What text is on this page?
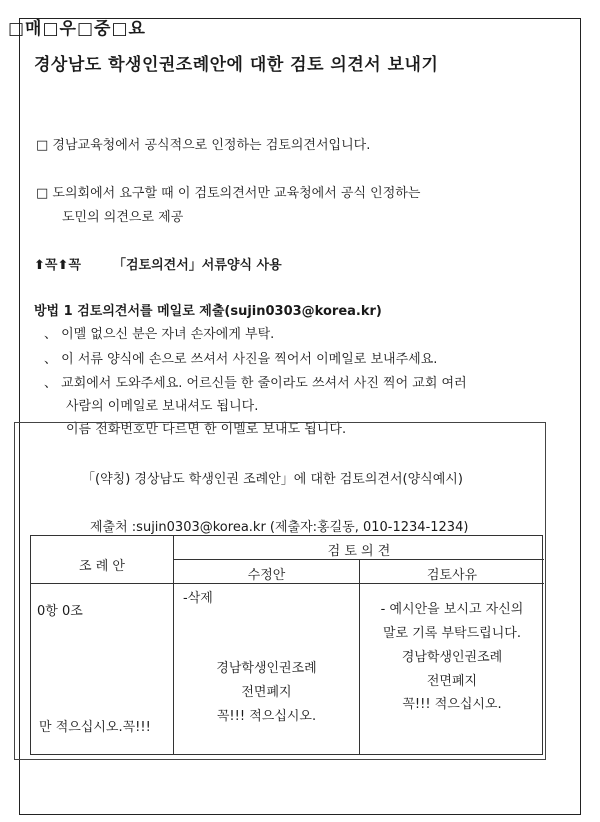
□매□우□중□요
경상남도 학생인권조례안에 대한 검토 의견서 보내기
□ 경남교육청에서 공식적으로 인정하는 검토의견서입니다.
□ 도의회에서 요구할 때 이 검토의견서만 교육청에서 공식 인정하는
도민의 의견으로 제공
⬆꼭⬆꼭 「검토의견서」서류양식 사용
방법 1 검토의견서를 메일로 제출(sujin0303@korea.kr)
、 이멜 없으신 분은 자녀 손자에게 부탁.
、 이 서류 양식에 손으로 쓰셔서 사진을 찍어서 이메일로 보내주세요.
、 교회에서 도와주세요. 어르신들 한 줄이라도 쓰셔서 사진 찍어 교회 여러
사람의 이메일로 보내셔도 됩니다.
이름 전화번호만 다르면 한 이멜로 보내도 됩니다.
「(약칭) 경상남도 학생인권 조례안」에 대한 검토의견서(양식예시)
제출처 :sujin0303@korea.kr (제출자:홍길동, 010-1234-1234)
조 례 안
검 토 의 견
수정안	검토사유
0항 0조
만 적으십시오.꼭!!!
-삭제
경남학생인권조례
전면폐지
꼭!!! 적으십시오.
- 예시안을 보시고 자신의
말로 기록 부탁드립니다.
경남학생인권조례
전면폐지
꼭!!! 적으십시오.
